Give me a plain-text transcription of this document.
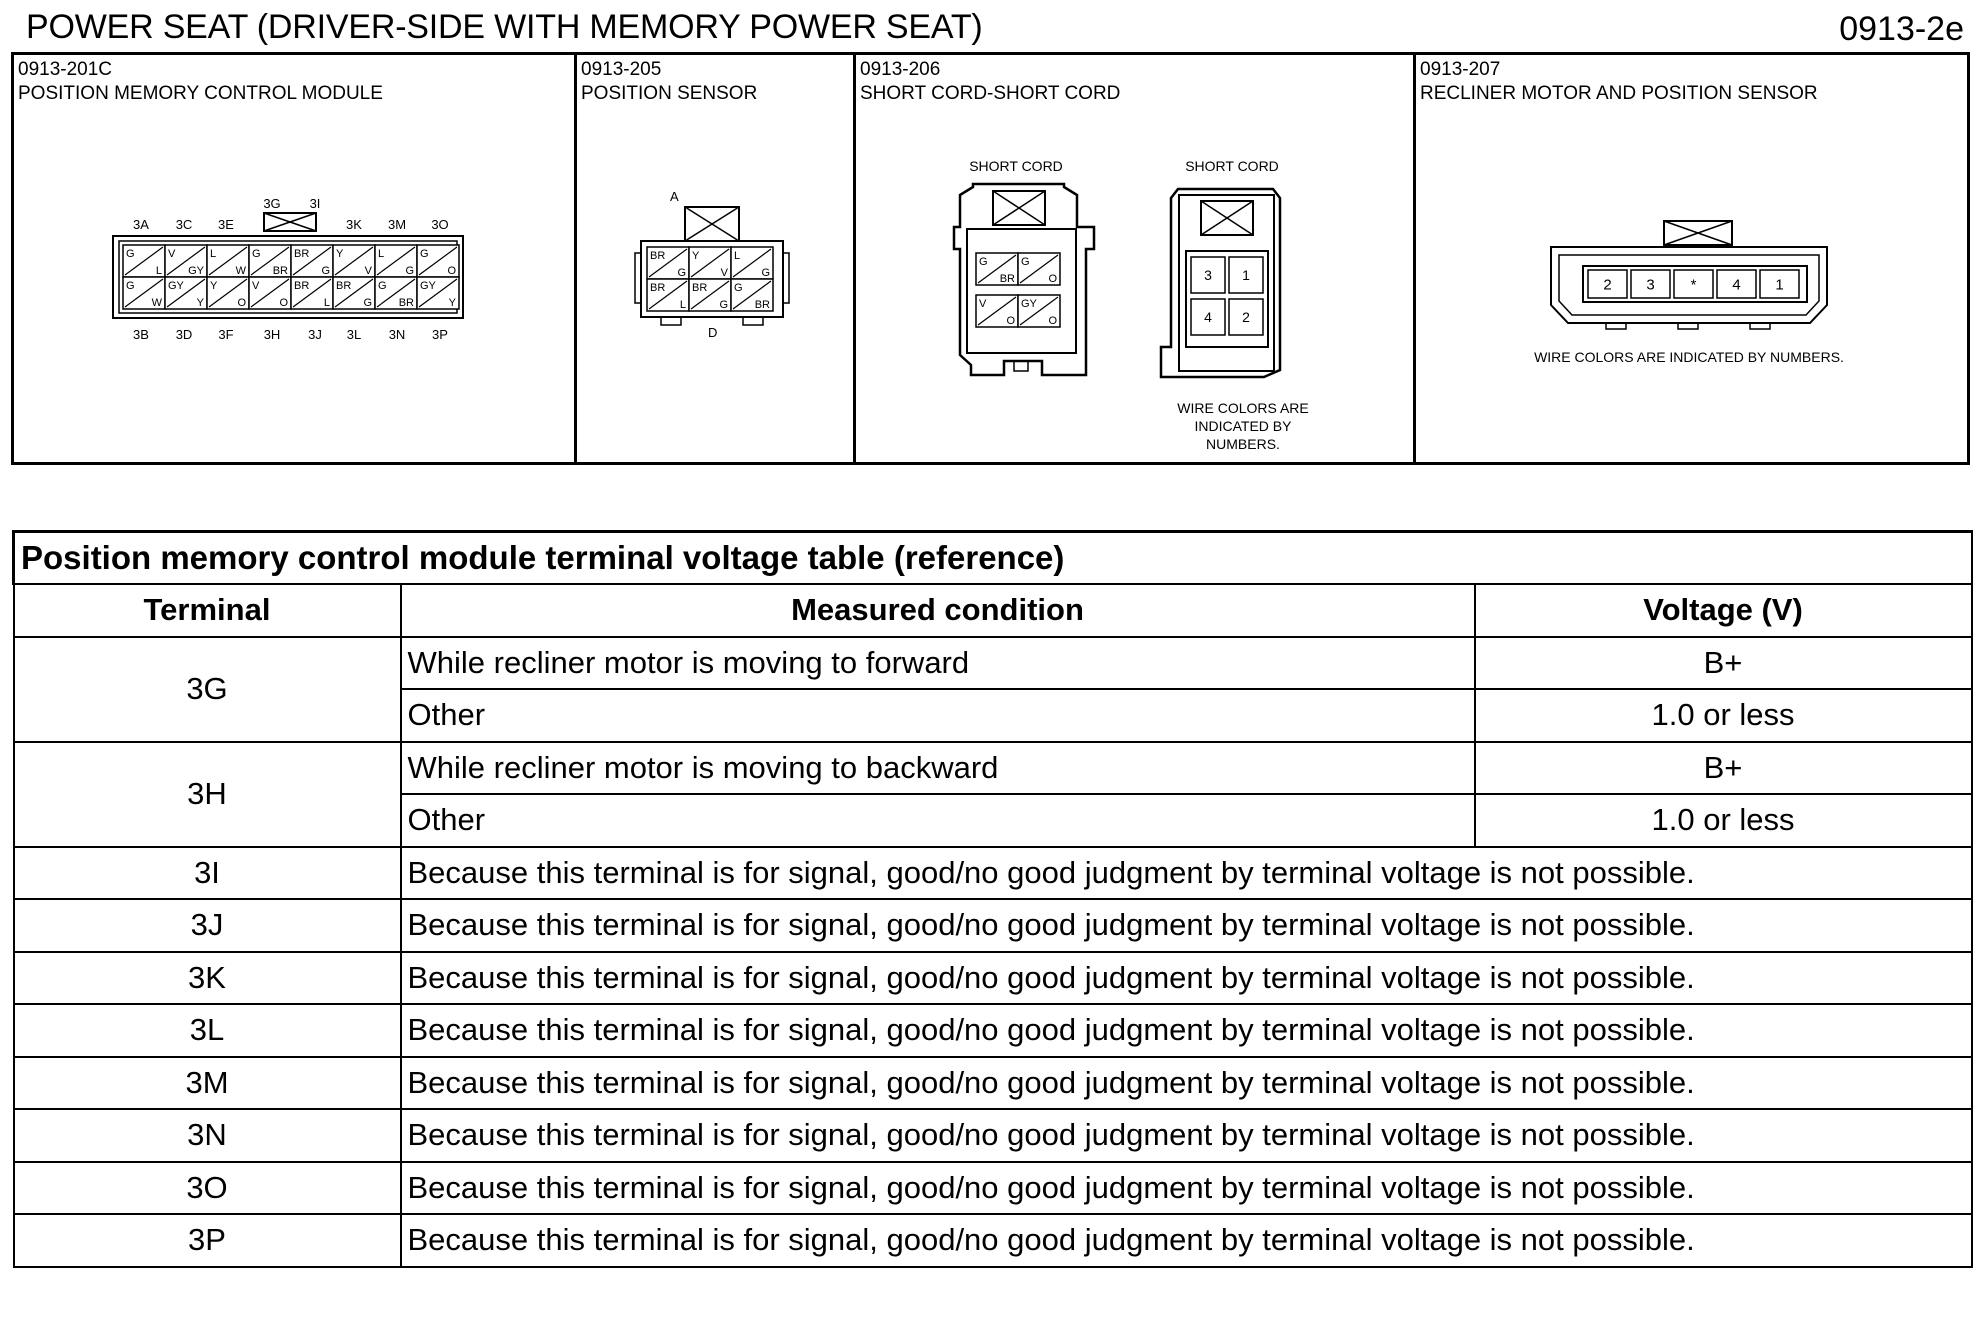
POWER SEAT (DRIVER-SIDE WITH MEMORY POWER SEAT)	0913-2e
0913-201C
POSITION MEMORY CONTROL MODULE
3A 3C 3E
3G 3I
3K 3M 3O
3B 3D 3F 3H 3J 3L 3N 3P
G
L
G
W
V
GY
GY
Y
L
W
Y
O
G
BR
V
O
BR
G
BR
L
Y
V
BR
G
L
G
G
BR
G
O
GY
Y
0913-205
POSITION SENSOR
A
BR
G
BR
L
Y
V
BR
G
L
G
G
BR
D
0913-206
SHORT CORD-SHORT CORD
SHORT CORD	SHORT CORD
G
BR
G
O
V
O
GY
O
3 1
4 2
WIRE COLORS ARE
INDICATED BY
NUMBERS.
0913-207
RECLINER MOTOR AND POSITION SENSOR
2 3 * 4 1
WIRE COLORS ARE INDICATED BY NUMBERS.
Position memory control module terminal voltage table (reference)		
Terminal	Measured condition	Voltage (V)
3G	While recliner motor is moving to forward	B+
	Other	1.0 or less
3H	While recliner motor is moving to backward	B+
	Other	1.0 or less
3I	Because this terminal is for signal, good/no good judgment by terminal voltage is not possible.	
3J	Because this terminal is for signal, good/no good judgment by terminal voltage is not possible.	
3K	Because this terminal is for signal, good/no good judgment by terminal voltage is not possible.	
3L	Because this terminal is for signal, good/no good judgment by terminal voltage is not possible.	
3M	Because this terminal is for signal, good/no good judgment by terminal voltage is not possible.	
3N	Because this terminal is for signal, good/no good judgment by terminal voltage is not possible.	
3O	Because this terminal is for signal, good/no good judgment by terminal voltage is not possible.	
3P	Because this terminal is for signal, good/no good judgment by terminal voltage is not possible.	
